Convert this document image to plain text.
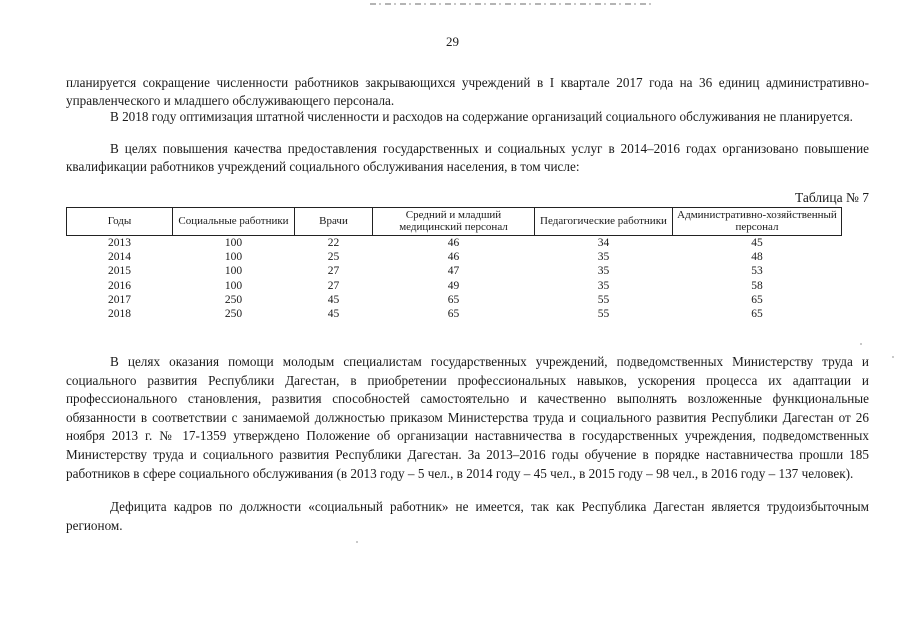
29

планируется сокращение численности работников закрывающихся учреждений в I квартале 2017 года на 36 единиц административно-управленческого и младшего обслуживающего персонала.

В 2018 году оптимизация штатной численности и расходов на содержание организаций социального обслуживания не планируется.

В целях повышения качества предоставления государственных и социальных услуг в 2014–2016 годах организовано повышение квалификации работников учреждений социального обслуживания населения, в том числе:

Таблица № 7
Годы	Социальные работники	Врачи	Средний и младший медицинский персонал	Педагогические работники	Административно-хозяйственный персонал
2013	100	22	46	34	45
2014	100	25	46	35	48
2015	100	27	47	35	53
2016	100	27	49	35	58
2017	250	45	65	55	65
2018	250	45	65	55	65

В целях оказания помощи молодым специалистам государственных учреждений, подведомственных Министерству труда и социального развития Республики Дагестан, в приобретении профессиональных навыков, ускорения процесса их адаптации и профессионального становления, развития способностей самостоятельно и качественно выполнять возложенные функциональные обязанности в соответствии с занимаемой должностью приказом Министерства труда и социального развития Республики Дагестан от 26 ноября 2013 г. № 17-1359 утверждено Положение об организации наставничества в государственных учреждения, подведомственных Министерству труда и социального развития Республики Дагестан. За 2013–2016 годы обучение в порядке наставничества прошли 185 работников в сфере социального обслуживания (в 2013 году – 5 чел., в 2014 году – 45 чел., в 2015 году – 98 чел., в 2016 году – 137 человек).

Дефицита кадров по должности «социальный работник» не имеется, так как Республика Дагестан является трудоизбыточным регионом.
